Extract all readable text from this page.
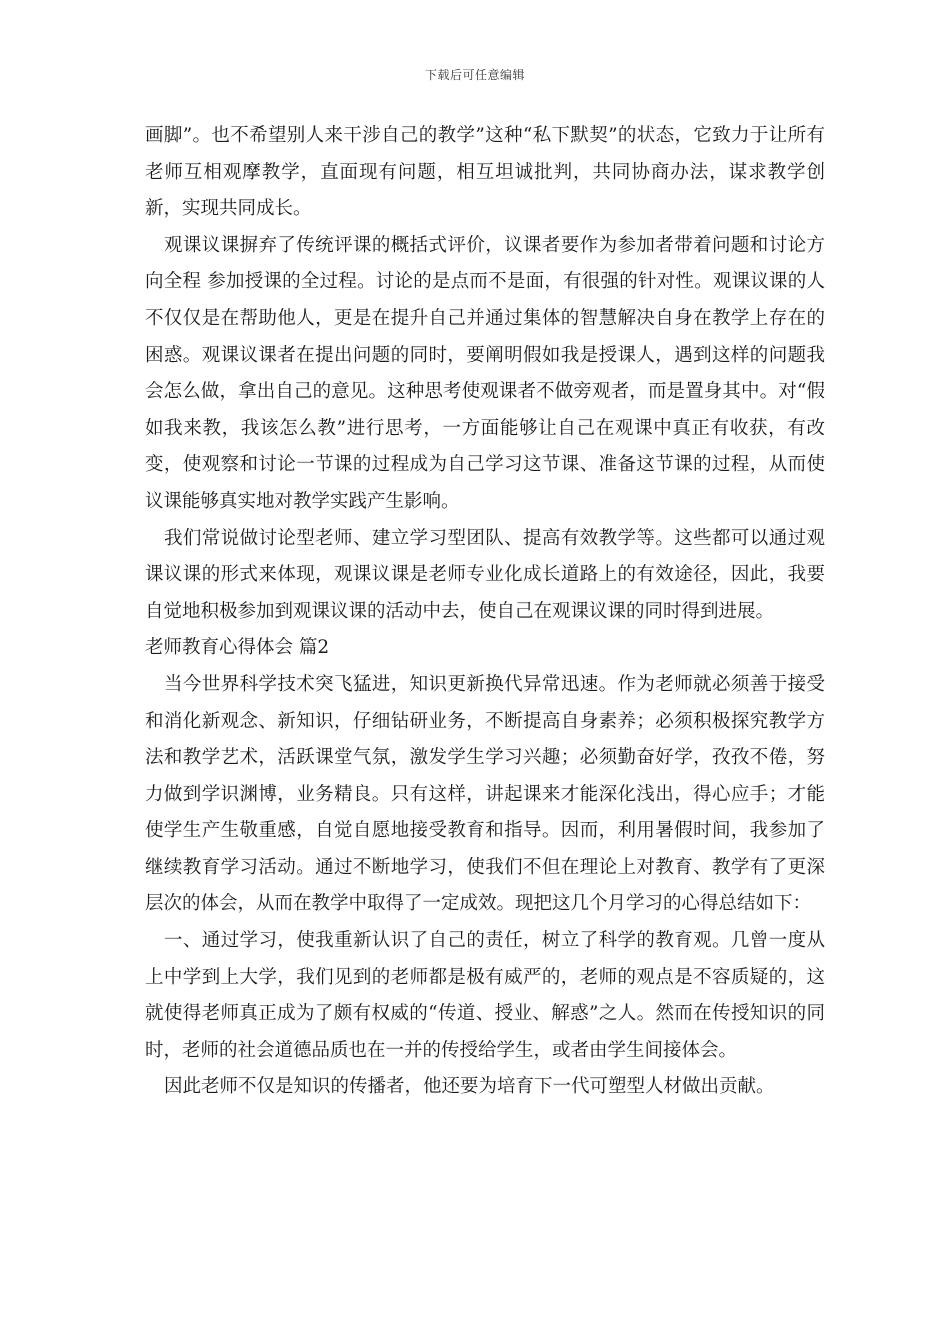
下载后可任意编辑

画脚”。也不希望别人来干涉自己的教学”这种“私下默契”的状态，它致力于让所有老师互相观摩教学，直面现有问题，相互坦诚批判，共同协商办法，谋求教学创新，实现共同成长。

观课议课摒弃了传统评课的概括式评价，议课者要作为参加者带着问题和讨论方向全程 参加授课的全过程。讨论的是点而不是面，有很强的针对性。观课议课的人不仅仅是在帮助他人，更是在提升自己并通过集体的智慧解决自身在教学上存在的困惑。观课议课者在提出问题的同时，要阐明假如我是授课人，遇到这样的问题我会怎么做，拿出自己的意见。这种思考使观课者不做旁观者，而是置身其中。对“假如我来教，我该怎么教”进行思考，一方面能够让自己在观课中真正有收获，有改变，使观察和讨论一节课的过程成为自己学习这节课、准备这节课的过程，从而使议课能够真实地对教学实践产生影响。

我们常说做讨论型老师、建立学习型团队、提高有效教学等。这些都可以通过观课议课的形式来体现，观课议课是老师专业化成长道路上的有效途径，因此，我要自觉地积极参加到观课议课的活动中去，使自己在观课议课的同时得到进展。

老师教育心得体会 篇2

当今世界科学技术突飞猛进，知识更新换代异常迅速。作为老师就必须善于接受和消化新观念、新知识，仔细钻研业务，不断提高自身素养；必须积极探究教学方法和教学艺术，活跃课堂气氛，激发学生学习兴趣；必须勤奋好学，孜孜不倦，努力做到学识渊博，业务精良。只有这样，讲起课来才能深化浅出，得心应手；才能使学生产生敬重感，自觉自愿地接受教育和指导。因而，利用暑假时间，我参加了继续教育学习活动。通过不断地学习，使我们不但在理论上对教育、教学有了更深层次的体会，从而在教学中取得了一定成效。现把这几个月学习的心得总结如下：

一、通过学习，使我重新认识了自己的责任，树立了科学的教育观。几曾一度从上中学到上大学，我们见到的老师都是极有威严的，老师的观点是不容质疑的，这就使得老师真正成为了颇有权威的“传道、授业、解惑”之人。然而在传授知识的同时，老师的社会道德品质也在一并的传授给学生，或者由学生间接体会。

因此老师不仅是知识的传播者，他还要为培育下一代可塑型人材做出贡献。
